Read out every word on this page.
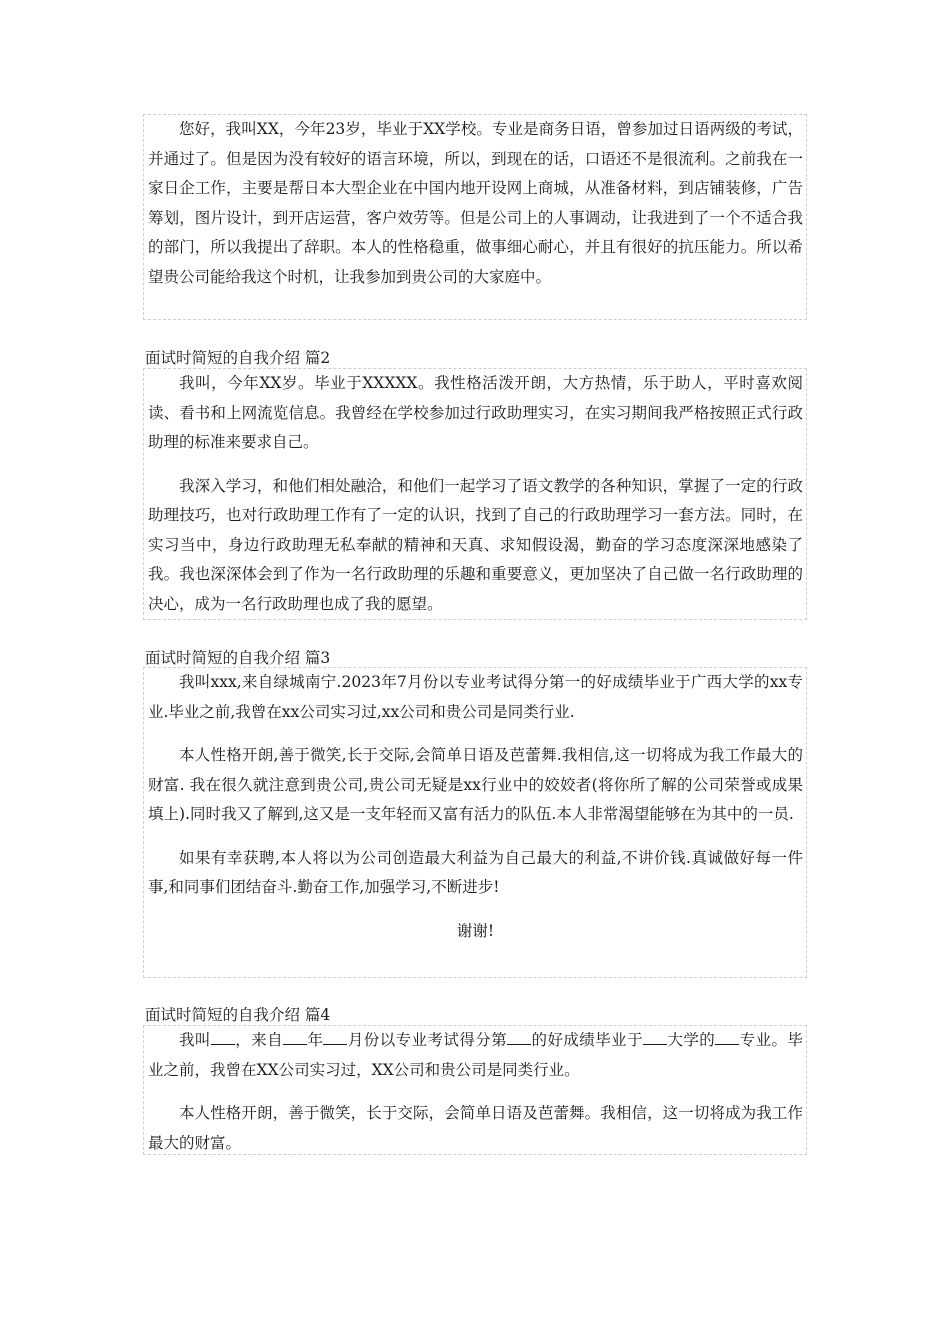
您好，我叫XX，今年23岁，毕业于XX学校。专业是商务日语，曾参加过日语两级的考试，并通过了。但是因为没有较好的语言环境，所以，到现在的话，口语还不是很流利。之前我在一家日企工作，主要是帮日本大型企业在中国内地开设网上商城，从准备材料，到店铺装修，广告筹划，图片设计，到开店运营，客户效劳等。但是公司上的人事调动，让我进到了一个不适合我的部门，所以我提出了辞职。本人的性格稳重，做事细心耐心，并且有很好的抗压能力。所以希望贵公司能给我这个时机，让我参加到贵公司的大家庭中。

面试时简短的自我介绍 篇2

我叫，今年XX岁。毕业于XXXXX。我性格活泼开朗，大方热情，乐于助人，平时喜欢阅读、看书和上网流览信息。我曾经在学校参加过行政助理实习，在实习期间我严格按照正式行政助理的标准来要求自己。

我深入学习，和他们相处融洽，和他们一起学习了语文教学的各种知识，掌握了一定的行政助理技巧，也对行政助理工作有了一定的认识，找到了自己的行政助理学习一套方法。同时，在实习当中，身边行政助理无私奉献的精神和天真、求知假设渴，勤奋的学习态度深深地感染了我。我也深深体会到了作为一名行政助理的乐趣和重要意义，更加坚决了自己做一名行政助理的决心，成为一名行政助理也成了我的愿望。

面试时简短的自我介绍 篇3

我叫xxx,来自绿城南宁.2023年7月份以专业考试得分第一的好成绩毕业于广西大学的xx专业.毕业之前,我曾在xx公司实习过,xx公司和贵公司是同类行业.

本人性格开朗,善于微笑,长于交际,会简单日语及芭蕾舞.我相信,这一切将成为我工作最大的财富. 我在很久就注意到贵公司,贵公司无疑是xx行业中的姣姣者(将你所了解的公司荣誉或成果填上).同时我又了解到,这又是一支年轻而又富有活力的队伍.本人非常渴望能够在为其中的一员.

如果有幸获聘,本人将以为公司创造最大利益为自己最大的利益,不讲价钱.真诚做好每一件事,和同事们团结奋斗.勤奋工作,加强学习,不断进步!

谢谢!

面试时简短的自我介绍 篇4

我叫 ，来自 年 月份以专业考试得分第 的好成绩毕业于 大学的 专业。毕业之前，我曾在XX公司实习过，XX公司和贵公司是同类行业。

本人性格开朗，善于微笑，长于交际，会简单日语及芭蕾舞。我相信，这一切将成为我工作最大的财富。
